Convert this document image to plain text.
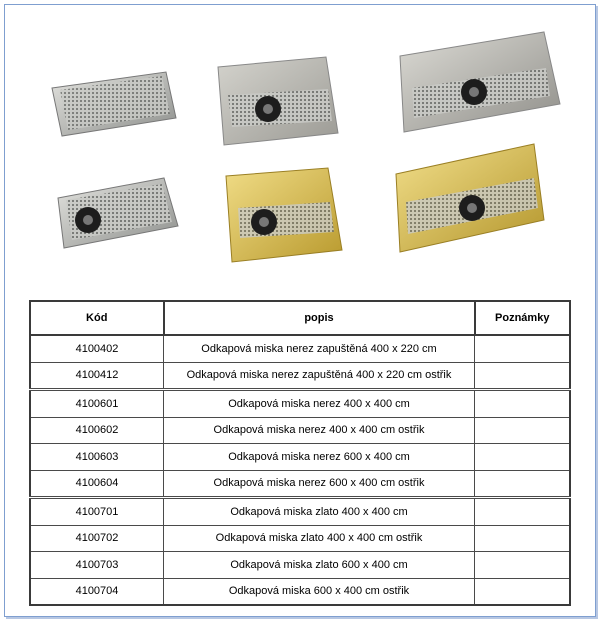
Kód	popis	Poznámky
4100402	Odkapová miska nerez zapuštěná 400 x 220 cm	
4100412	Odkapová miska nerez zapuštěná 400 x 220 cm ostřik	
4100601	Odkapová miska nerez 400 x 400 cm	
4100602	Odkapová miska nerez 400 x 400 cm ostřik	
4100603	Odkapová miska nerez 600 x 400 cm	
4100604	Odkapová miska nerez 600 x 400 cm ostřik	
4100701	Odkapová miska zlato 400 x 400 cm	
4100702	Odkapová miska zlato 400 x 400 cm ostřik	
4100703	Odkapová miska zlato 600 x 400 cm	
4100704	Odkapová miska 600 x 400 cm ostřik	
